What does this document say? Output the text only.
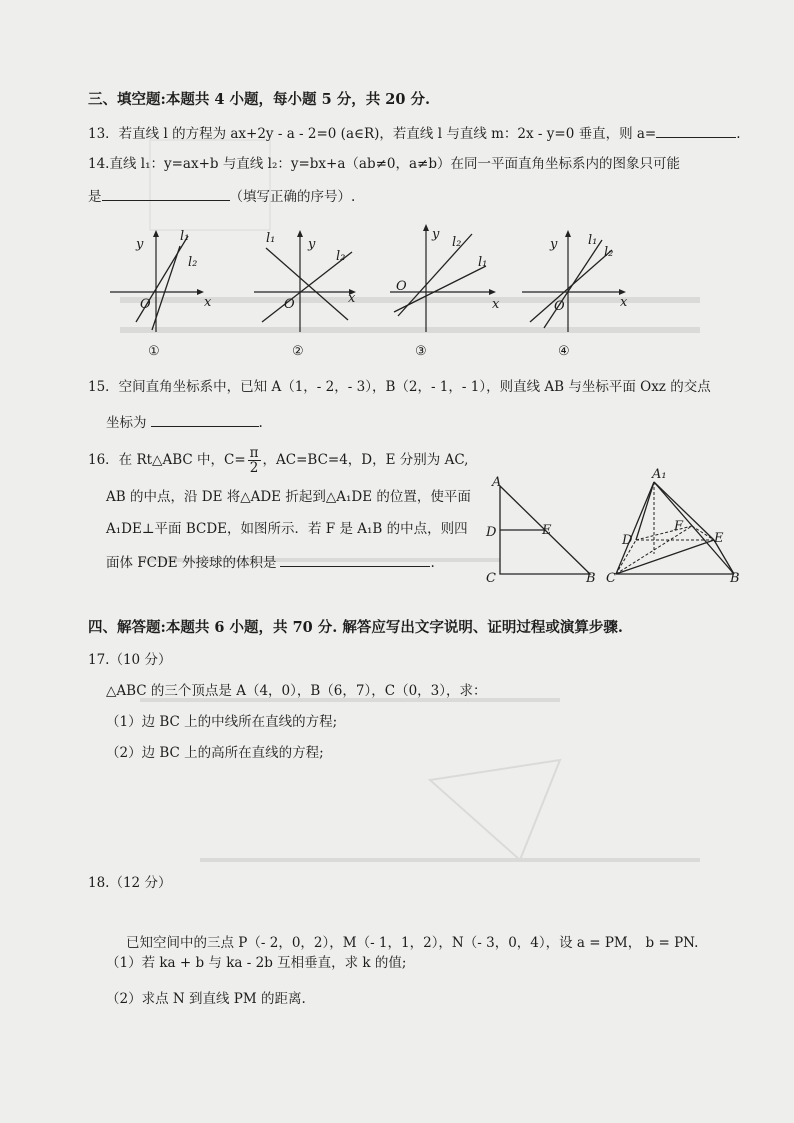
三、填空题:本题共 4 小题，每小题 5 分，共 20 分.
13．若直线 l 的方程为 ax+2y - a - 2=0 (a∈R)，若直线 l 与直线 m：2x - y=0 垂直，则 a=	.
14.直线 l₁：y=ax+b 与直线 l₂：y=bx+a（ab≠0，a≠b）在同一平面直角坐标系内的图象只可能
是	（填写正确的序号）.
y
l₁
l₂
O	x
①
y
l₁
l₂
O	x
②
y
l₂
l₁
O
x
③
y l₁
l₂
O	x
④
15．空间直角坐标系中，已知 A（1，- 2，- 3），B（2，- 1，- 1），则直线 AB 与坐标平面 Oxz 的交点
坐标为	.
16．在 Rt△ABC 中，$C= \frac{\pi}{2}$ ，AC=BC=4，D，E 分别为 AC,
AB 的中点，沿 DE 将△ADE 折起到△A₁DE 的位置，使平面
A₁DE⊥平面 BCDE，如图所示．若 F 是 A₁B 的中点，则四
面体 FCDE 外接球的体积是	.
A
D	E
C	B
A₁
F
D	E
C	B
四、解答题:本题共 6 小题，共 70 分. 解答应写出文字说明、证明过程或演算步骤.
17.（10 分）
△ABC 的三个顶点是 A（4，0），B（6，7），C（0，3），求：
（1）边 BC 上的中线所在直线的方程;
（2）边 BC 上的高所在直线的方程;
18.（12 分）
已知空间中的三点 P（- 2，0，2），M（- 1，1，2），N（- 3，0，4），设 a = PM， b = PN.
（1）若 ka + b 与 ka - 2b 互相垂直，求 k 的值;
（2）求点 N 到直线 PM 的距离.
